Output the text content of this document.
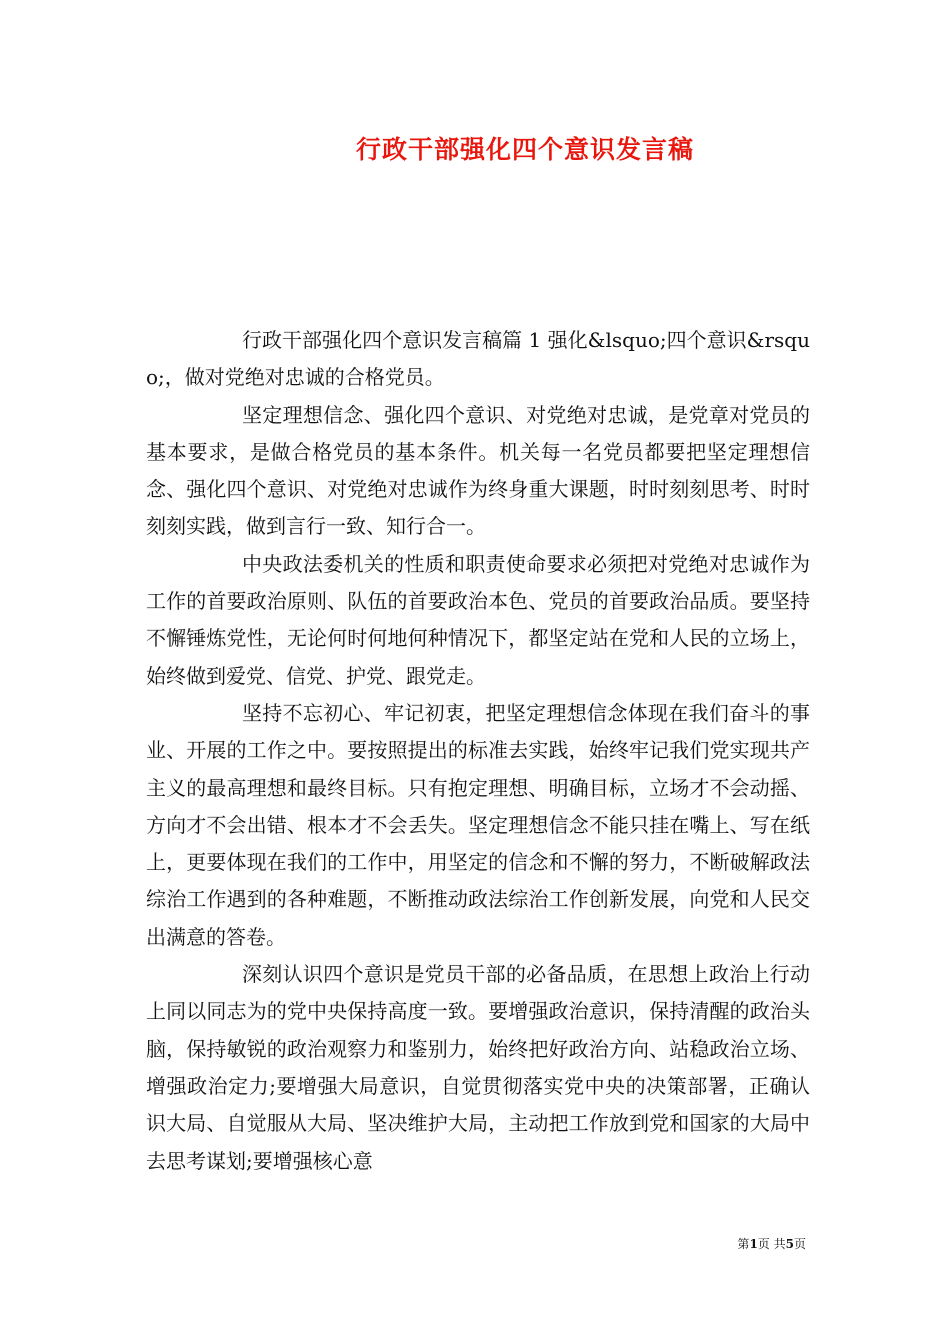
行政干部强化四个意识发言稿

行政干部强化四个意识发言稿篇 1 强化&lsquo;四个意识&rsquo;，做对党绝对忠诚的合格党员。

坚定理想信念、强化四个意识、对党绝对忠诚，是党章对党员的基本要求，是做合格党员的基本条件。机关每一名党员都要把坚定理想信念、强化四个意识、对党绝对忠诚作为终身重大课题，时时刻刻思考、时时刻刻实践，做到言行一致、知行合一。

中央政法委机关的性质和职责使命要求必须把对党绝对忠诚作为工作的首要政治原则、队伍的首要政治本色、党员的首要政治品质。要坚持不懈锤炼党性，无论何时何地何种情况下，都坚定站在党和人民的立场上，始终做到爱党、信党、护党、跟党走。

坚持不忘初心、牢记初衷，把坚定理想信念体现在我们奋斗的事业、开展的工作之中。要按照提出的标准去实践，始终牢记我们党实现共产主义的最高理想和最终目标。只有抱定理想、明确目标，立场才不会动摇、方向才不会出错、根本才不会丢失。坚定理想信念不能只挂在嘴上、写在纸上，更要体现在我们的工作中，用坚定的信念和不懈的努力，不断破解政法综治工作遇到的各种难题，不断推动政法综治工作创新发展，向党和人民交出满意的答卷。

深刻认识四个意识是党员干部的必备品质，在思想上政治上行动上同以同志为的党中央保持高度一致。要增强政治意识，保持清醒的政治头脑，保持敏锐的政治观察力和鉴别力，始终把好政治方向、站稳政治立场、增强政治定力;要增强大局意识，自觉贯彻落实党中央的决策部署，正确认识大局、自觉服从大局、坚决维护大局，主动把工作放到党和国家的大局中去思考谋划;要增强核心意

第1页 共5页
